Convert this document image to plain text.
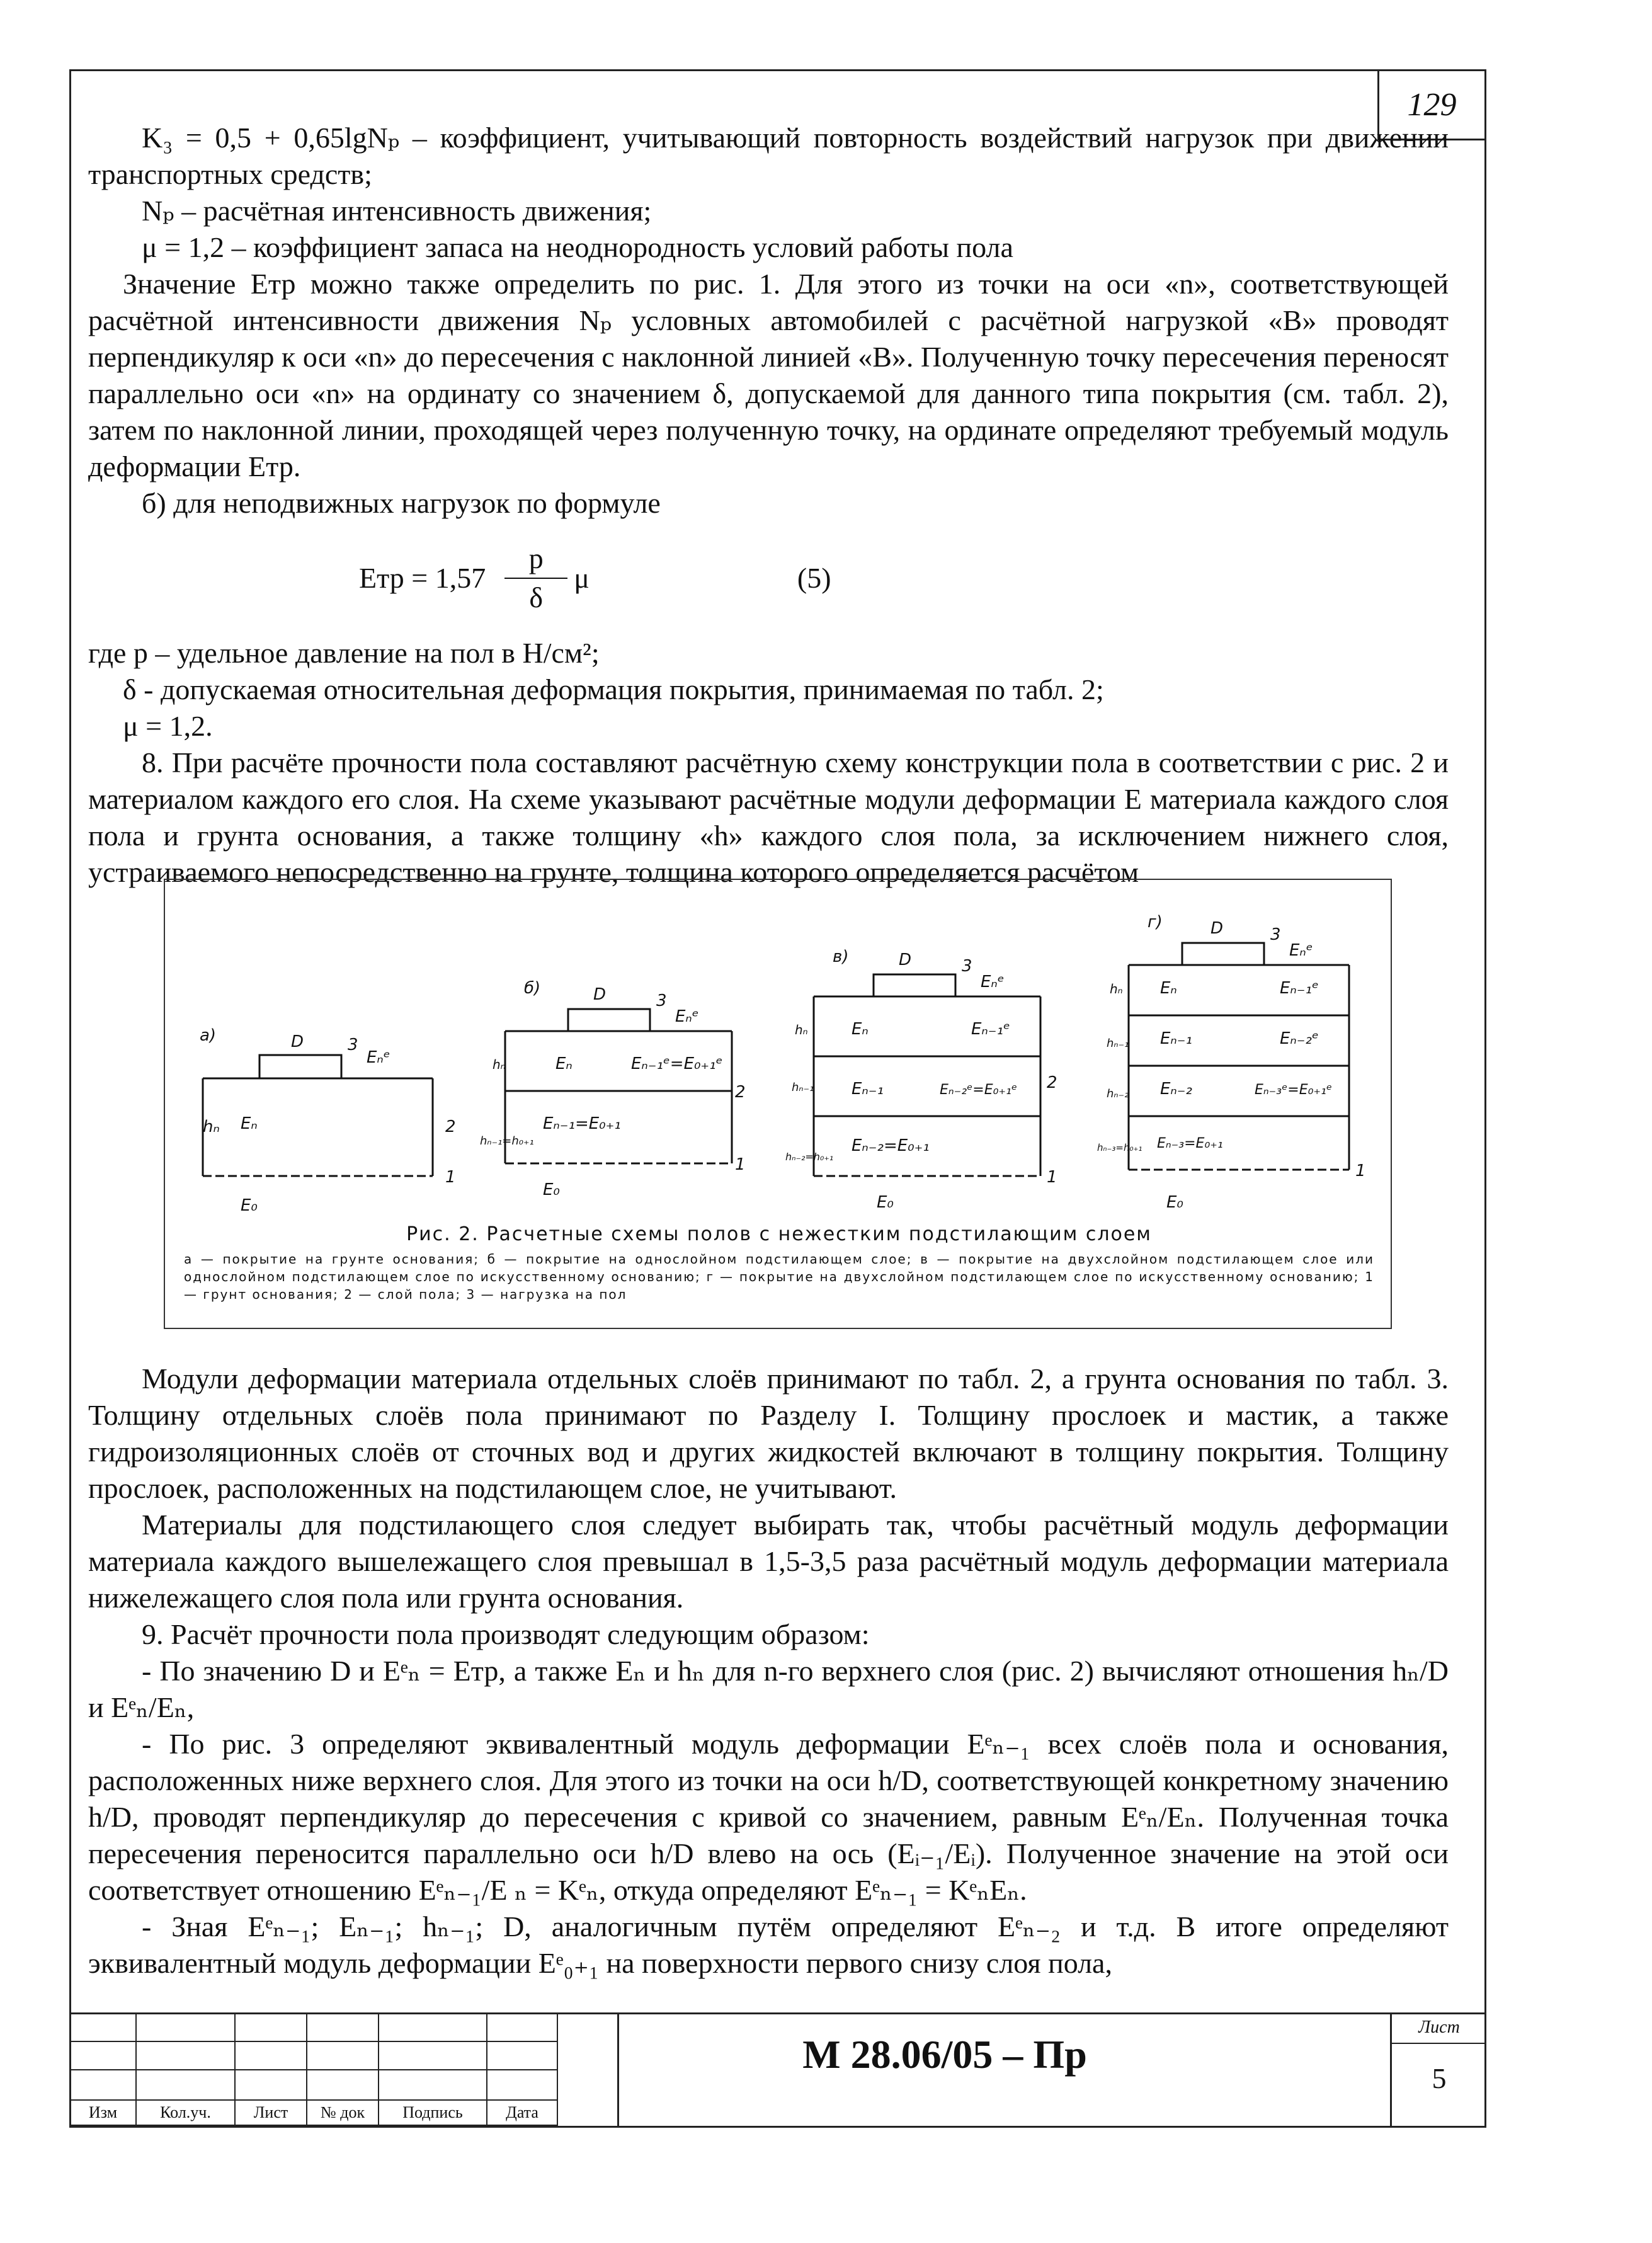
129

K₃ = 0,5 + 0,65lgNₚ – коэффициент, учитывающий повторность воздействий нагрузок при движении транспортных средств;

Nₚ – расчётная интенсивность движения;

μ = 1,2 – коэффициент запаса на неоднородность условий работы пола

Значение Eтр можно также определить по рис. 1. Для этого из точки на оси «n», соответствующей расчётной интенсивности движения Nₚ условных автомобилей с расчётной нагрузкой «В» проводят перпендикуляр к оси «n» до пересечения с наклонной линией «В». Полученную точку пересечения переносят параллельно оси «n» на ординату со значением δ, допускаемой для данного типа покрытия (см. табл. 2), затем по наклонной линии, проходящей через полученную точку, на ординате определяют требуемый модуль деформации Eтр.

б) для неподвижных нагрузок по формуле

Eтр = $1,57 \frac{p}{\delta}$ μ	(5)

где p – удельное давление на пол в Н/см²;

δ - допускаемая относительная деформация покрытия, принимаемая по табл. 2;

μ = 1,2.

8. При расчёте прочности пола составляют расчётную схему конструкции пола в соответствии с рис. 2 и материалом каждого его слоя. На схеме указывают расчётные модули деформации E материала каждого слоя пола и грунта основания, а также толщину «h» каждого слоя пола, за исключением нижнего слоя, устраиваемого непосредственно на грунте, толщина которого определяется расчётом

а)	D	3
Eₙᵉ
Eₙ
hₙ	2
1
E₀
б)	D	3
Eₙᵉ
Eₙ	Eₙ₋₁ᵉ=E₀₊₁ᵉ
Eₙ₋₁=E₀₊₁
hₙ
2
1
E₀
hₙ₋₁=h₀₊₁
в)	D	3
Eₙᵉ
Eₙ	Eₙ₋₁ᵉ
Eₙ₋₁	Eₙ₋₂ᵉ=E₀₊₁ᵉ
Eₙ₋₂=E₀₊₁
hₙ
hₙ₋₁
hₙ₋₂=h₀₊₁
2
1
E₀
г)	D	3
Eₙᵉ
Eₙ	Eₙ₋₁ᵉ
Eₙ₋₁	Eₙ₋₂ᵉ
Eₙ₋₂	Eₙ₋₃ᵉ=E₀₊₁ᵉ
Eₙ₋₃=E₀₊₁
hₙ
hₙ₋₁
hₙ₋₂
hₙ₋₃=h₀₊₁
1
E₀
Рис. 2. Расчетные схемы полов с нежестким подстилающим слоем
а — покрытие на грунте основания; б — покрытие на однослойном подстилающем слое; в — покрытие на двухслойном подстилающем слое или однослойном подстилающем слое по искусственному основанию; г — покрытие на двухслойном подстилающем слое по искусственному основанию; 1 — грунт основания; 2 — слой пола; 3 — нагрузка на пол

Модули деформации материала отдельных слоёв принимают по табл. 2, а грунта основания по табл. 3. Толщину отдельных слоёв пола принимают по Разделу I. Толщину прослоек и мастик, а также гидроизоляционных слоёв от сточных вод и других жидкостей включают в толщину покрытия. Толщину прослоек, расположенных на подстилающем слое, не учитывают.

Материалы для подстилающего слоя следует выбирать так, чтобы расчётный модуль деформации материала каждого вышележащего слоя превышал в 1,5-3,5 раза расчётный модуль деформации материала нижележащего слоя пола или грунта основания.

9. Расчёт прочности пола производят следующим образом:

- По значению D и Eᵉₙ = Eтр, а также Eₙ и hₙ для n-го верхнего слоя (рис. 2) вычисляют отношения hₙ/D и Eᵉₙ/Eₙ,

- По рис. 3 определяют эквивалентный модуль деформации Eᵉₙ₋₁ всех слоёв пола и основания, расположенных ниже верхнего слоя. Для этого из точки на оси h/D, соответствующей конкретному значению h/D, проводят перпендикуляр до пересечения с кривой со значением, равным Eᵉₙ/Eₙ. Полученная точка пересечения переносится параллельно оси h/D влево на ось (Eᵢ₋₁/Eᵢ). Полученное значение на этой оси соответствует отношению Eᵉₙ₋₁/E ₙ = Kᵉₙ, откуда определяют Eᵉₙ₋₁ = KᵉₙEₙ.

- Зная Eᵉₙ₋₁; Eₙ₋₁; hₙ₋₁; D, аналогичным путём определяют Eᵉₙ₋₂ и т.д. В итоге определяют эквивалентный модуль деформации Eᵉ₀₊₁ на поверхности первого снизу слоя пола,

Изм	Кол.уч.	Лист	№ док	Подпись	Дата
М 28.06/05 – Пр
Лист
5
